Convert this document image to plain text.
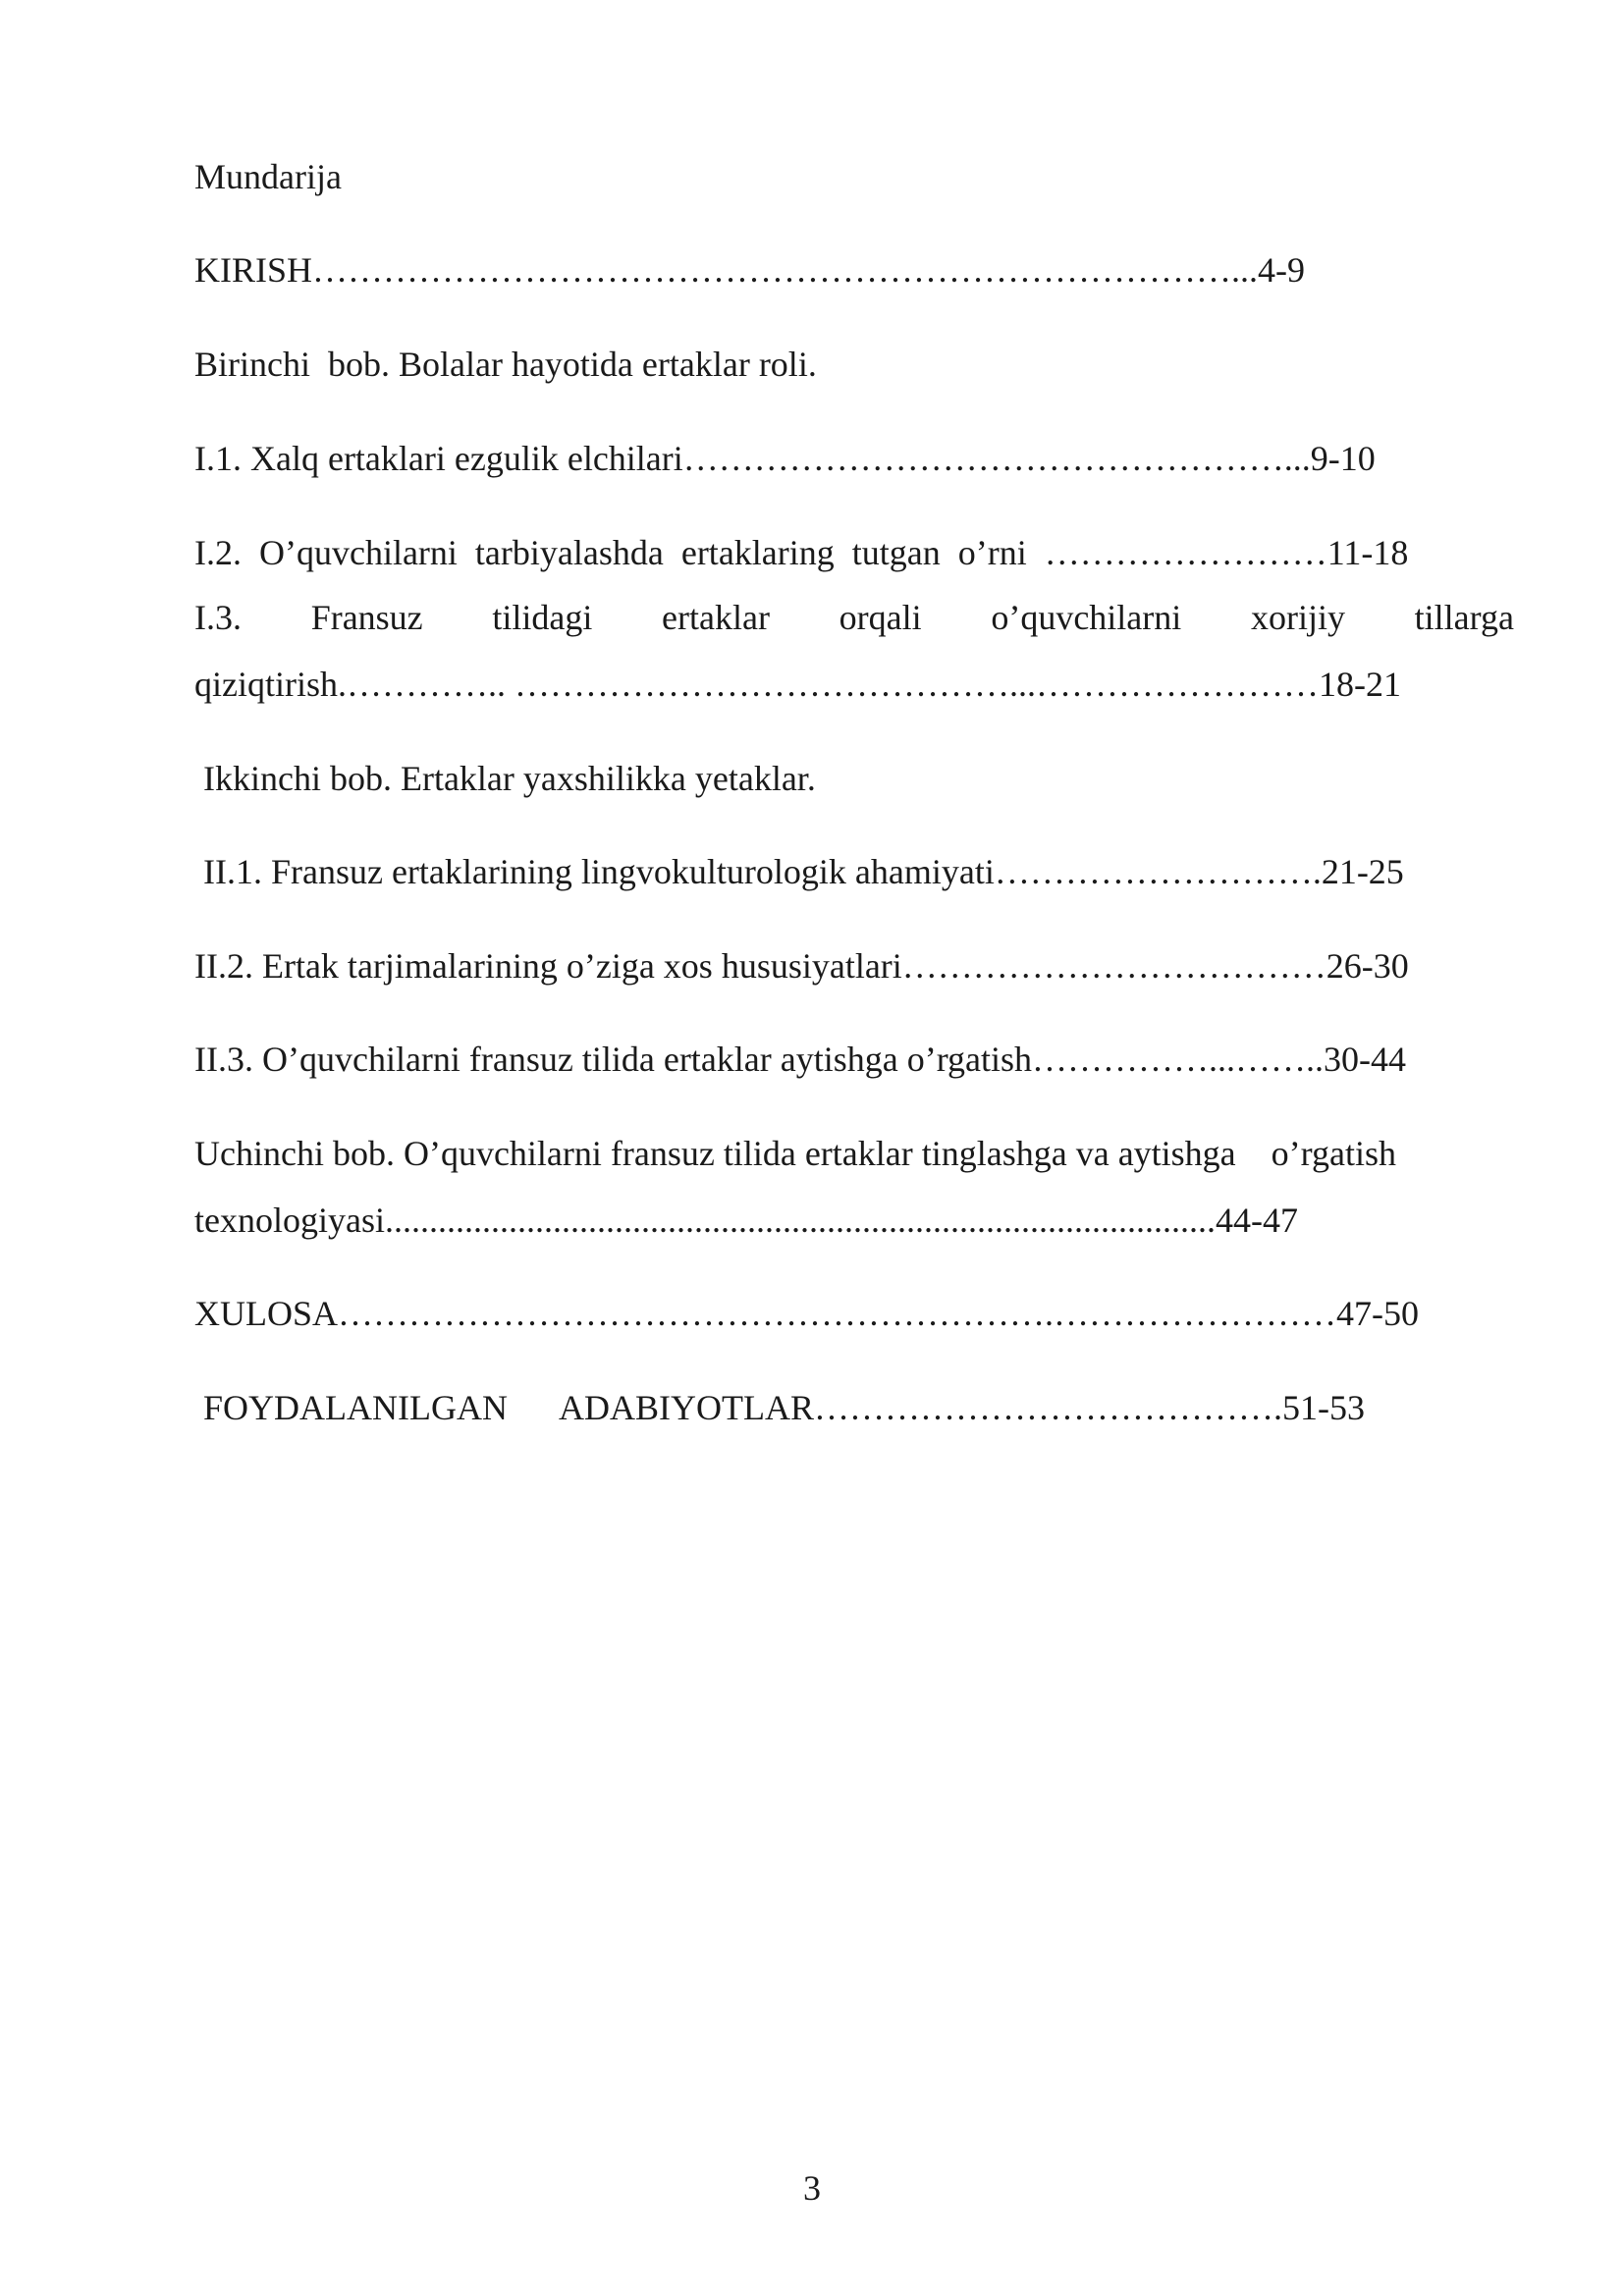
Mundarija

KIRISH……………………………………………………………………...4-9

Birinchi  bob. Bolalar hayotida ertaklar roli.

I.1. Xalq ertaklari ezgulik elchilari……………………………………………...9-10

I.2.  O’quvchilarni  tarbiyalashda  ertaklaring  tutgan  o’rni  ……………………11-18

I.3. Fransuz tilidagi ertaklar orqali o’quvchilarni xorijiy tillarga

qiziqtirish.………….. ……………………………………...……………………18-21

Ikkinchi bob. Ertaklar yaxshilikka yetaklar.

II.1. Fransuz ertaklarining lingvokulturologik ahamiyati……………………….21-25

II.2. Ertak tarjimalarining o’ziga xos hususiyatlari………………………………26-30

II.3. O’quvchilarni fransuz tilida ertaklar aytishga o’rgatish……………...……..30-44

Uchinchi bob. O’quvchilarni fransuz tilida ertaklar tinglashga va aytishga    o’rgatish

texnologiyasi..............................................................................................44-47

XULOSA…………………………………………………….……………………47-50

FOYDALANILGAN      ADABIYOTLAR………………………………….51-53

3
